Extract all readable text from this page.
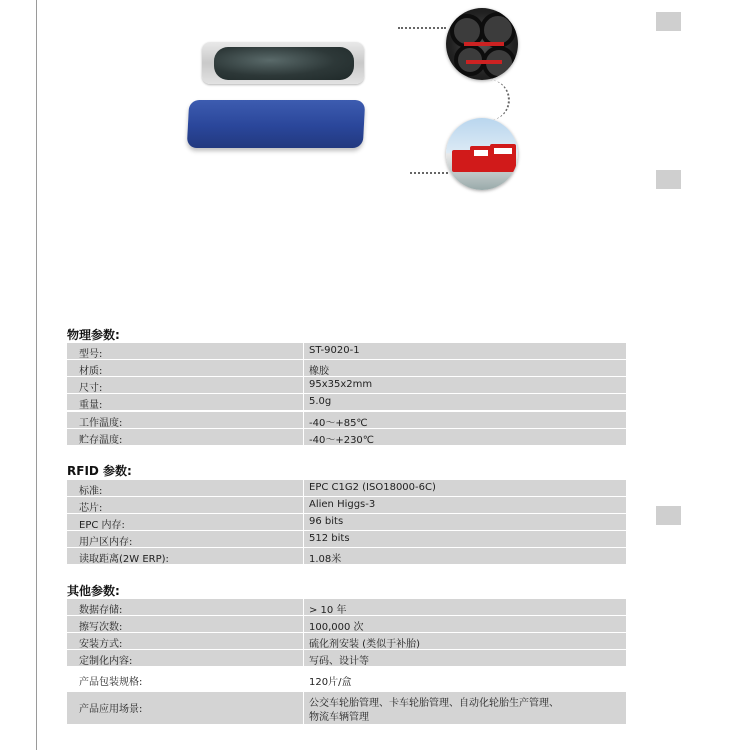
物理参数:
型号:	ST-9020-1
材质:	橡胶
尺寸:	95x35x2mm
重量:	5.0g
工作温度:	-40～+85℃
贮存温度:	-40～+230℃
RFID 参数:
标准:	EPC C1G2 (ISO18000-6C)
芯片:	Alien Higgs-3
EPC 内存:	96 bits
用户区内存:	512 bits
读取距离(2W ERP):	1.08米
其他参数:
数据存储:	> 10 年
擦写次数:	100,000 次
安装方式:	硫化剂安装 (类似于补胎)
定制化内容:	写码、设计等
产品包装规格:	120片/盒
产品应用场景:
公交车轮胎管理、卡车轮胎管理、自动化轮胎生产管理、
物流车辆管理
